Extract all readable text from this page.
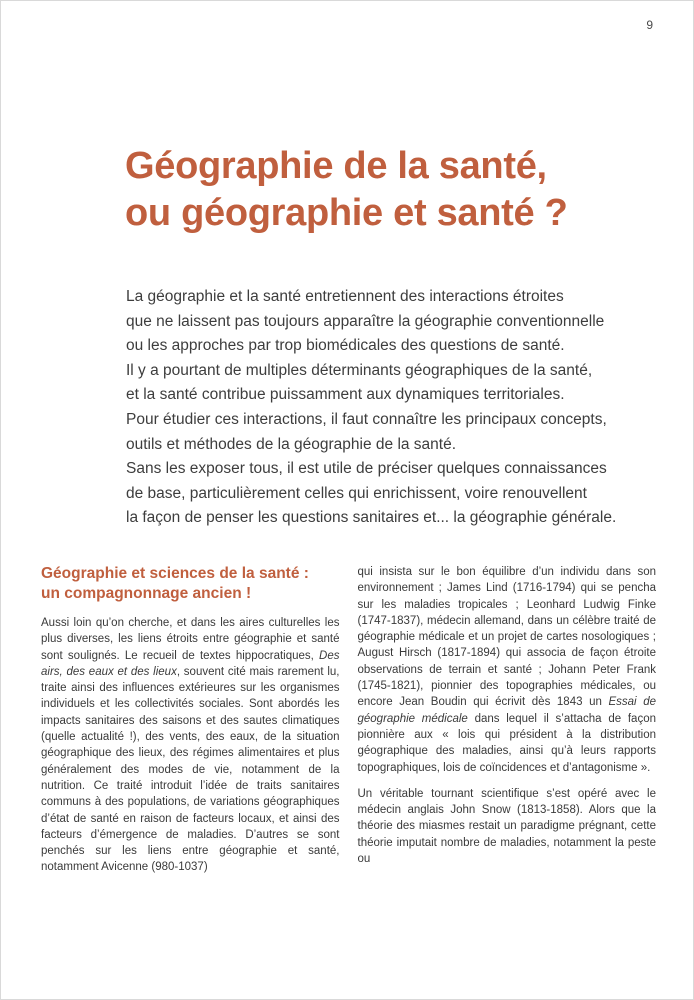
9
Géographie de la santé,
ou géographie et santé ?
La géographie et la santé entretiennent des interactions étroites
que ne laissent pas toujours apparaître la géographie conventionnelle
ou les approches par trop biomédicales des questions de santé.
Il y a pourtant de multiples déterminants géographiques de la santé,
et la santé contribue puissamment aux dynamiques territoriales.
Pour étudier ces interactions, il faut connaître les principaux concepts,
outils et méthodes de la géographie de la santé.
Sans les exposer tous, il est utile de préciser quelques connaissances
de base, particulièrement celles qui enrichissent, voire renouvellent
la façon de penser les questions sanitaires et... la géographie générale.
Géographie et sciences de la santé :
un compagnonnage ancien !

Aussi loin qu’on cherche, et dans les aires culturelles les plus diverses, les liens étroits entre géographie et santé sont soulignés. Le recueil de textes hippocratiques, Des airs, des eaux et des lieux, souvent cité mais rarement lu, traite ainsi des influences extérieures sur les organismes individuels et les collectivités sociales. Sont abordés les impacts sanitaires des saisons et des sautes climatiques (quelle actualité !), des vents, des eaux, de la situation géographique des lieux, des régimes alimentaires et plus généralement des modes de vie, notamment de la nutrition. Ce traité introduit l’idée de traits sanitaires communs à des populations, de variations géographiques d’état de santé en raison de facteurs locaux, et ainsi des facteurs d’émergence de maladies. D’autres se sont penchés sur les liens entre géographie et santé, notamment Avicenne (980-1037)

qui insista sur le bon équilibre d’un individu dans son environnement ; James Lind (1716-1794) qui se pencha sur les maladies tropicales ; Leonhard Ludwig Finke (1747-1837), médecin allemand, dans un célèbre traité de géographie médicale et un projet de cartes nosologiques ; August Hirsch (1817-1894) qui associa de façon étroite observations de terrain et santé ; Johann Peter Frank (1745-1821), pionnier des topographies médicales, ou encore Jean Boudin qui écrivit dès 1843 un Essai de géographie médicale dans lequel il s’attacha de façon pionnière aux « lois qui président à la distribution géographique des maladies, ainsi qu’à leurs rapports topographiques, lois de coïncidences et d’antagonisme ».

Un véritable tournant scientifique s’est opéré avec le médecin anglais John Snow (1813-1858). Alors que la théorie des miasmes restait un paradigme prégnant, cette théorie imputait nombre de maladies, notamment la peste ou
